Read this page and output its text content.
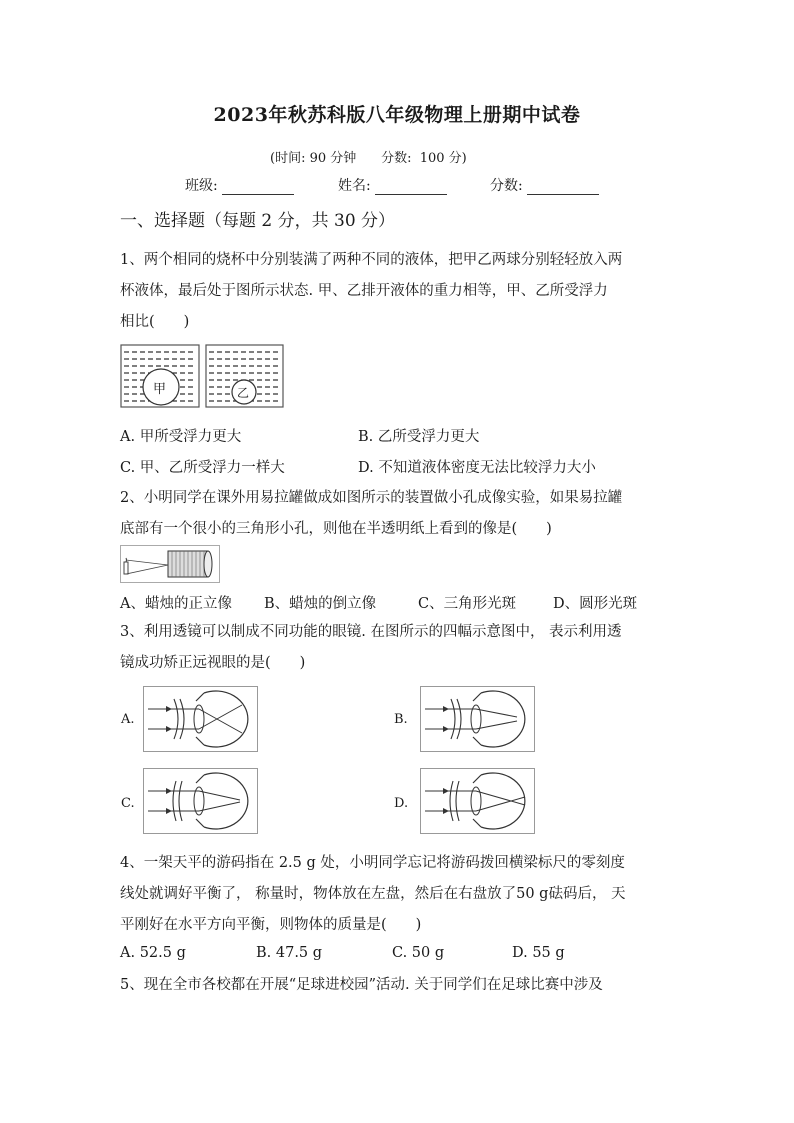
2023年秋苏科版八年级物理上册期中试卷
(时间: 90 分钟 分数: 100 分)
班级:	姓名:	分数:
一、选择题（每题 2 分，共 30 分）
1、两个相同的烧杯中分别装满了两种不同的液体，把甲乙两球分别轻轻放入两
杯液体，最后处于图所示状态. 甲、乙排开液体的重力相等，甲、乙所受浮力
相比(　　)
甲	乙
A. 甲所受浮力更大	B. 乙所受浮力更大
C. 甲、乙所受浮力一样大	D. 不知道液体密度无法比较浮力大小
2、小明同学在课外用易拉罐做成如图所示的装置做小孔成像实验，如果易拉罐
底部有一个很小的三角形小孔，则他在半透明纸上看到的像是(　　)
A、蜡烛的正立像 B、蜡烛的倒立像	C、三角形光斑	D、圆形光斑
3、利用透镜可以制成不同功能的眼镜. 在图所示的四幅示意图中， 表示利用透
镜成功矫正远视眼的是(　　)
A.	B.
C.	D.
4、一架天平的游码指在 2.5 g 处，小明同学忘记将游码拨回横梁标尺的零刻度
线处就调好平衡了， 称量时，物体放在左盘，然后在右盘放了50 g砝码后， 天
平刚好在水平方向平衡，则物体的质量是(　　)
A. 52.5 g	B. 47.5 g	C. 50 g	D. 55 g
5、现在全市各校都在开展“足球进校园”活动. 关于同学们在足球比赛中涉及
